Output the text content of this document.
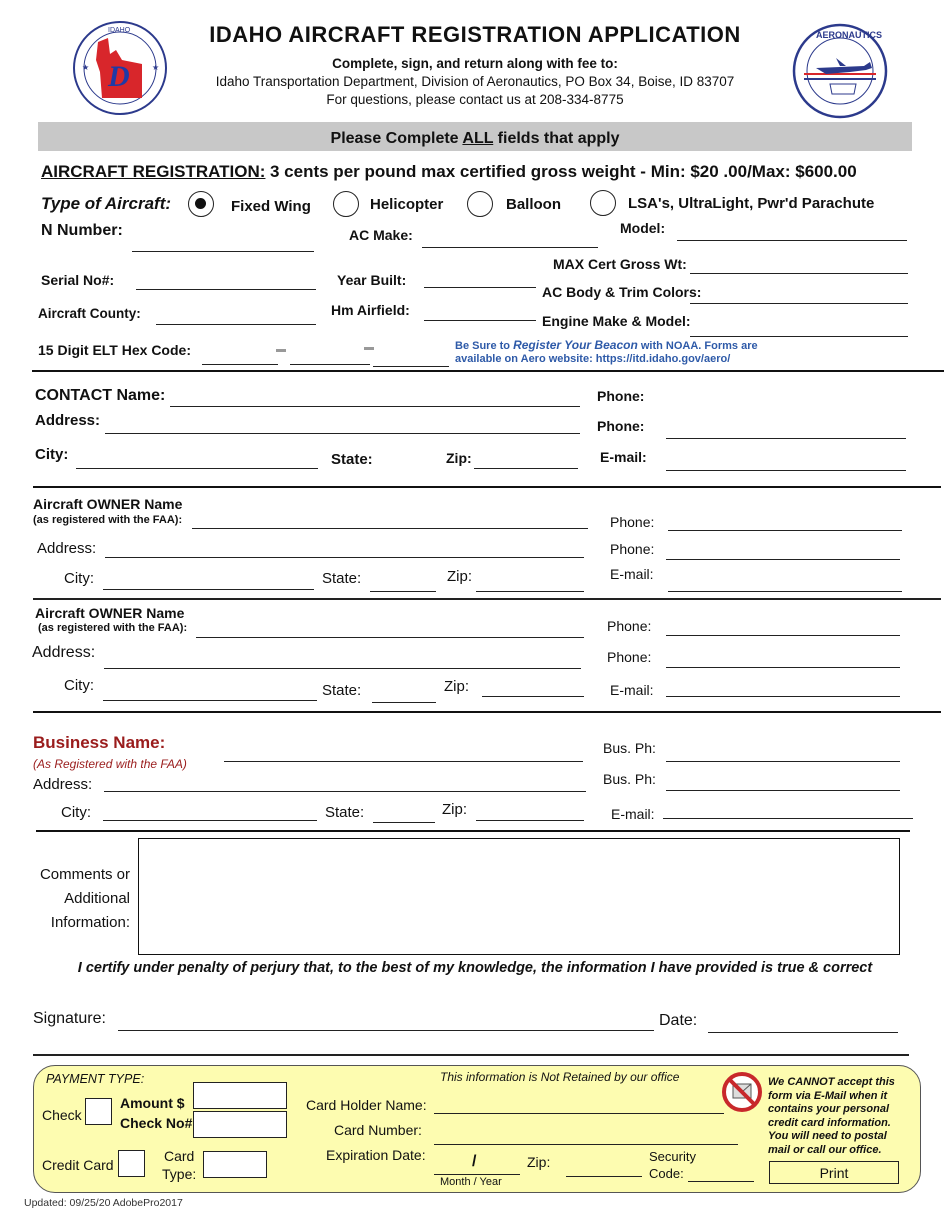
D
★	★
IDAHO	IDAHO AIRCRAFT REGISTRATION APPLICATION
Complete, sign, and return along with fee to:
Idaho Transportation Department, Division of Aeronautics, PO Box 34, Boise, ID 83707
For questions, please contact us at 208-334-8775
AERONAUTICS
Please Complete ALL fields that apply
AIRCRAFT REGISTRATION: 3 cents per pound max certified gross weight - Min: $20 .00/Max: $600.00
Type of Aircraft:	Fixed Wing	Helicopter	Balloon	LSA's, UltraLight, Pwr'd Parachute
N Number:	AC Make:	Model:
Serial No#:	Year Built:
MAX Cert Gross Wt:
AC Body & Trim Colors:
Aircraft County:	Hm Airfield:
Engine Make & Model:
15 Digit ELT Hex Code:	Be Sure to Register Your Beacon with NOAA. Forms are
available on Aero website: https://itd.idaho.gov/aero/
CONTACT Name:
Address:
City:	State:	Zip:
Phone:
Phone:
E-mail:
Aircraft OWNER Name
(as registered with the FAA):
Address:
City:	State:	Zip:
Phone:
Phone:
E-mail:
Aircraft OWNER Name
(as registered with the FAA):
Address:
City:	State:	Zip:
Phone:
Phone:
E-mail:
Business Name:
(As Registered with the FAA)
Address:
City:	State:	Zip:
Bus. Ph:
Bus. Ph:
E-mail:
Comments or
Additional
Information:
I certify under penalty of perjury that, to the best of my knowledge, the information I have provided is true & correct
Signature:	Date:
PAYMENT TYPE:
Check
Amount $
Check No#
Credit Card
Card
Type:
This information is Not Retained by our office
Card Holder Name:
Card Number:
Expiration Date:	/
Month / Year
Zip:	Security
Code:
We CANNOT accept this
form via E-Mail when it
contains your personal
credit card information.
You will need to postal
mail or call our office.
Print
Updated: 09/25/20 AdobePro2017
